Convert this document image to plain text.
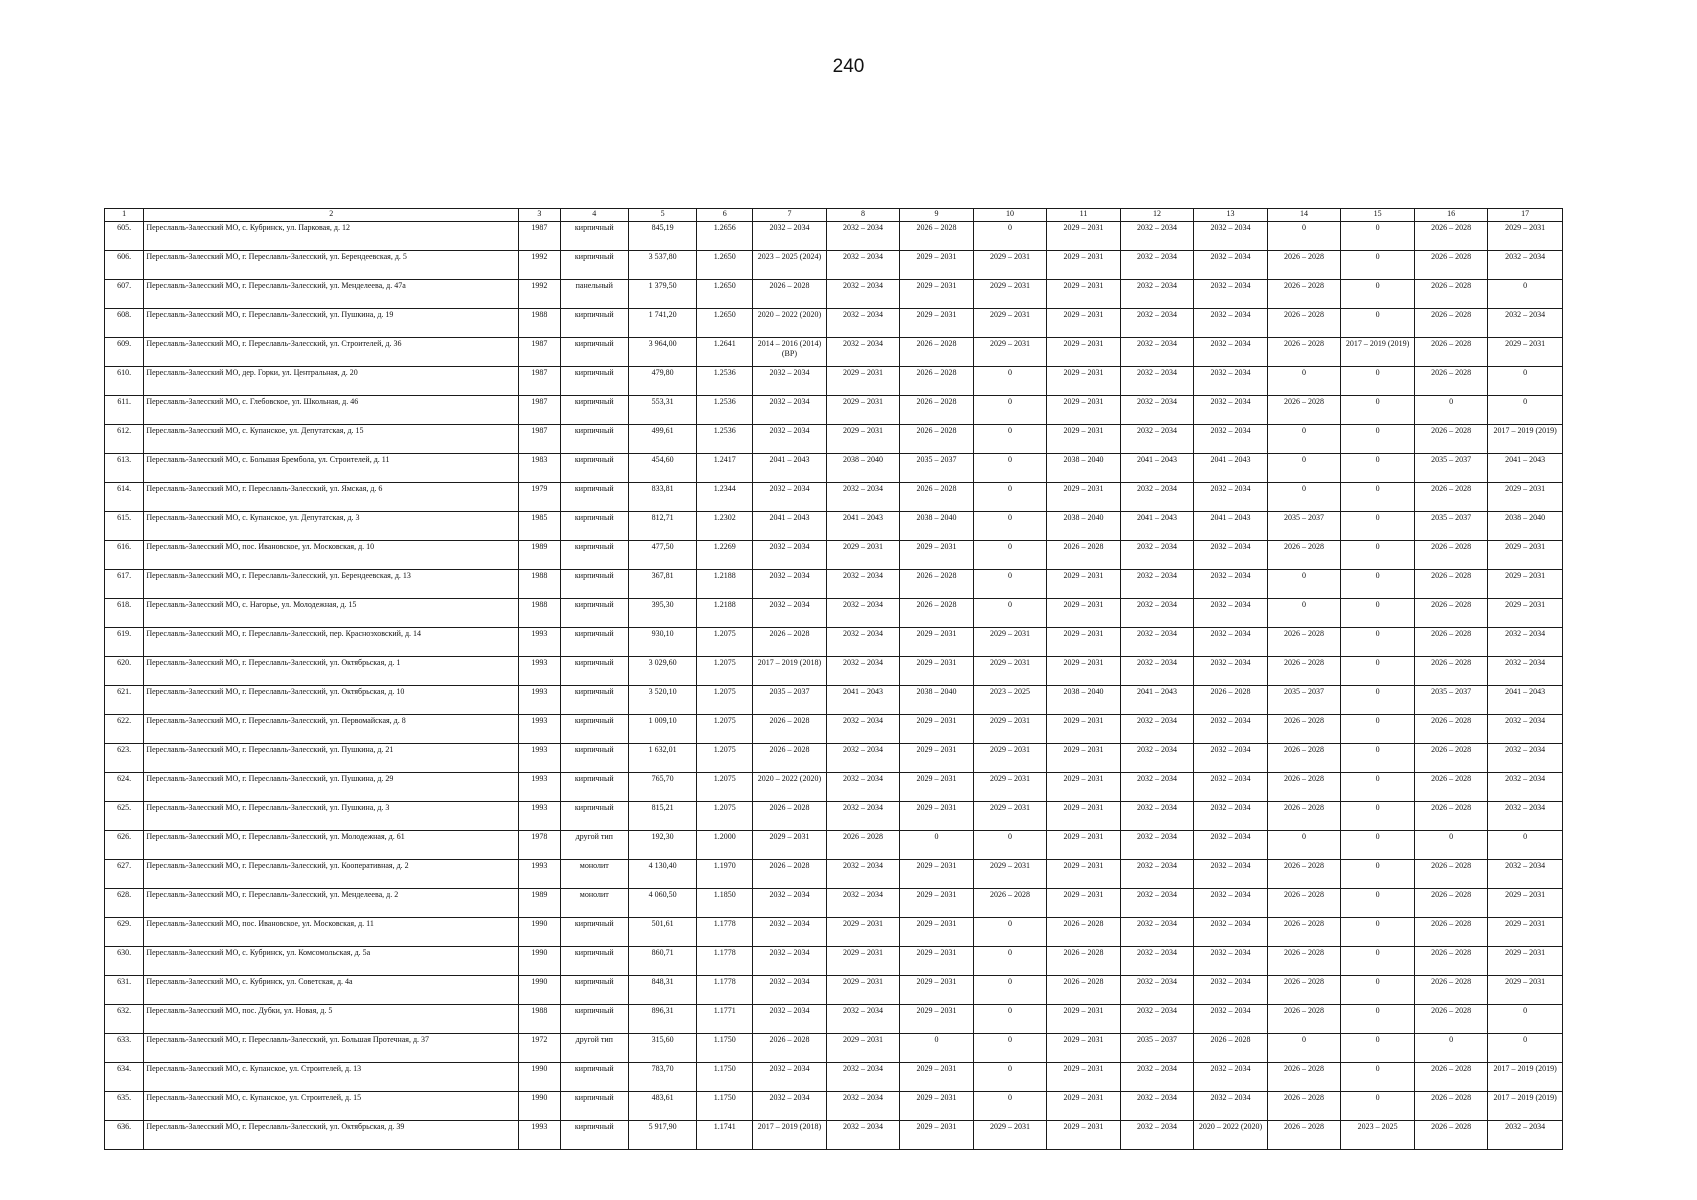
240
1	2	3	4	5	6	7	8	9	10	11	12	13	14	15	16	17
605.	Переславль-Залесский МО, с. Кубринск, ул. Парковая, д. 12	1987	кирпичный	845,19	1.2656	2032 – 2034	2032 – 2034	2026 – 2028	0	2029 – 2031	2032 – 2034	2032 – 2034	0	0	2026 – 2028	2029 – 2031
606.	Переславль-Залесский МО, г. Переславль-Залесский, ул. Берендеевская, д. 5	1992	кирпичный	3 537,80	1.2650	2023 – 2025 (2024)	2032 – 2034	2029 – 2031	2029 – 2031	2029 – 2031	2032 – 2034	2032 – 2034	2026 – 2028	0	2026 – 2028	2032 – 2034
607.	Переславль-Залесский МО, г. Переславль-Залесский, ул. Менделеева, д. 47а	1992	панельный	1 379,50	1.2650	2026 – 2028	2032 – 2034	2029 – 2031	2029 – 2031	2029 – 2031	2032 – 2034	2032 – 2034	2026 – 2028	0	2026 – 2028	0
608.	Переславль-Залесский МО, г. Переславль-Залесский, ул. Пушкина, д. 19	1988	кирпичный	1 741,20	1.2650	2020 – 2022 (2020)	2032 – 2034	2029 – 2031	2029 – 2031	2029 – 2031	2032 – 2034	2032 – 2034	2026 – 2028	0	2026 – 2028	2032 – 2034
609.	Переславль-Залесский МО, г. Переславль-Залесский, ул. Строителей, д. 36	1987	кирпичный	3 964,00	1.2641	2014 – 2016 (2014) (ВР)	2032 – 2034	2026 – 2028	2029 – 2031	2029 – 2031	2032 – 2034	2032 – 2034	2026 – 2028	2017 – 2019 (2019)	2026 – 2028	2029 – 2031
610.	Переславль-Залесский МО, дер. Горки, ул. Центральная, д. 20	1987	кирпичный	479,80	1.2536	2032 – 2034	2029 – 2031	2026 – 2028	0	2029 – 2031	2032 – 2034	2032 – 2034	0	0	2026 – 2028	0
611.	Переславль-Залесский МО, с. Глебовское, ул. Школьная, д. 46	1987	кирпичный	553,31	1.2536	2032 – 2034	2029 – 2031	2026 – 2028	0	2029 – 2031	2032 – 2034	2032 – 2034	2026 – 2028	0	0	0
612.	Переславль-Залесский МО, с. Купанское, ул. Депутатская, д. 15	1987	кирпичный	499,61	1.2536	2032 – 2034	2029 – 2031	2026 – 2028	0	2029 – 2031	2032 – 2034	2032 – 2034	0	0	2026 – 2028	2017 – 2019 (2019)
613.	Переславль-Залесский МО, с. Большая Брембола, ул. Строителей, д. 11	1983	кирпичный	454,60	1.2417	2041 – 2043	2038 – 2040	2035 – 2037	0	2038 – 2040	2041 – 2043	2041 – 2043	0	0	2035 – 2037	2041 – 2043
614.	Переславль-Залесский МО, г. Переславль-Залесский, ул. Ямская, д. 6	1979	кирпичный	833,81	1.2344	2032 – 2034	2032 – 2034	2026 – 2028	0	2029 – 2031	2032 – 2034	2032 – 2034	0	0	2026 – 2028	2029 – 2031
615.	Переславль-Залесский МО, с. Купанское, ул. Депутатская, д. 3	1985	кирпичный	812,71	1.2302	2041 – 2043	2041 – 2043	2038 – 2040	0	2038 – 2040	2041 – 2043	2041 – 2043	2035 – 2037	0	2035 – 2037	2038 – 2040
616.	Переславль-Залесский МО, пос. Ивановское, ул. Московская, д. 10	1989	кирпичный	477,50	1.2269	2032 – 2034	2029 – 2031	2029 – 2031	0	2026 – 2028	2032 – 2034	2032 – 2034	2026 – 2028	0	2026 – 2028	2029 – 2031
617.	Переславль-Залесский МО, г. Переславль-Залесский, ул. Берендеевская, д. 13	1988	кирпичный	367,81	1.2188	2032 – 2034	2032 – 2034	2026 – 2028	0	2029 – 2031	2032 – 2034	2032 – 2034	0	0	2026 – 2028	2029 – 2031
618.	Переславль-Залесский МО, с. Нагорье, ул. Молодежная, д. 15	1988	кирпичный	395,30	1.2188	2032 – 2034	2032 – 2034	2026 – 2028	0	2029 – 2031	2032 – 2034	2032 – 2034	0	0	2026 – 2028	2029 – 2031
619.	Переславль-Залесский МО, г. Переславль-Залесский, пер. Красноэховский, д. 14	1993	кирпичный	930,10	1.2075	2026 – 2028	2032 – 2034	2029 – 2031	2029 – 2031	2029 – 2031	2032 – 2034	2032 – 2034	2026 – 2028	0	2026 – 2028	2032 – 2034
620.	Переславль-Залесский МО, г. Переславль-Залесский, ул. Октябрьская, д. 1	1993	кирпичный	3 029,60	1.2075	2017 – 2019 (2018)	2032 – 2034	2029 – 2031	2029 – 2031	2029 – 2031	2032 – 2034	2032 – 2034	2026 – 2028	0	2026 – 2028	2032 – 2034
621.	Переславль-Залесский МО, г. Переславль-Залесский, ул. Октябрьская, д. 10	1993	кирпичный	3 520,10	1.2075	2035 – 2037	2041 – 2043	2038 – 2040	2023 – 2025	2038 – 2040	2041 – 2043	2026 – 2028	2035 – 2037	0	2035 – 2037	2041 – 2043
622.	Переславль-Залесский МО, г. Переславль-Залесский, ул. Первомайская, д. 8	1993	кирпичный	1 009,10	1.2075	2026 – 2028	2032 – 2034	2029 – 2031	2029 – 2031	2029 – 2031	2032 – 2034	2032 – 2034	2026 – 2028	0	2026 – 2028	2032 – 2034
623.	Переславль-Залесский МО, г. Переславль-Залесский, ул. Пушкина, д. 21	1993	кирпичный	1 632,01	1.2075	2026 – 2028	2032 – 2034	2029 – 2031	2029 – 2031	2029 – 2031	2032 – 2034	2032 – 2034	2026 – 2028	0	2026 – 2028	2032 – 2034
624.	Переславль-Залесский МО, г. Переславль-Залесский, ул. Пушкина, д. 29	1993	кирпичный	765,70	1.2075	2020 – 2022 (2020)	2032 – 2034	2029 – 2031	2029 – 2031	2029 – 2031	2032 – 2034	2032 – 2034	2026 – 2028	0	2026 – 2028	2032 – 2034
625.	Переславль-Залесский МО, г. Переславль-Залесский, ул. Пушкина, д. 3	1993	кирпичный	815,21	1.2075	2026 – 2028	2032 – 2034	2029 – 2031	2029 – 2031	2029 – 2031	2032 – 2034	2032 – 2034	2026 – 2028	0	2026 – 2028	2032 – 2034
626.	Переславль-Залесский МО, г. Переславль-Залесский, ул. Молодежная, д. 61	1978	другой тип	192,30	1.2000	2029 – 2031	2026 – 2028	0	0	2029 – 2031	2032 – 2034	2032 – 2034	0	0	0	0
627.	Переславль-Залесский МО, г. Переславль-Залесский, ул. Кооперативная, д. 2	1993	монолит	4 130,40	1.1970	2026 – 2028	2032 – 2034	2029 – 2031	2029 – 2031	2029 – 2031	2032 – 2034	2032 – 2034	2026 – 2028	0	2026 – 2028	2032 – 2034
628.	Переславль-Залесский МО, г. Переславль-Залесский, ул. Менделеева, д. 2	1989	монолит	4 060,50	1.1850	2032 – 2034	2032 – 2034	2029 – 2031	2026 – 2028	2029 – 2031	2032 – 2034	2032 – 2034	2026 – 2028	0	2026 – 2028	2029 – 2031
629.	Переславль-Залесский МО, пос. Ивановское, ул. Московская, д. 11	1990	кирпичный	501,61	1.1778	2032 – 2034	2029 – 2031	2029 – 2031	0	2026 – 2028	2032 – 2034	2032 – 2034	2026 – 2028	0	2026 – 2028	2029 – 2031
630.	Переславль-Залесский МО, с. Кубринск, ул. Комсомольская, д. 5а	1990	кирпичный	860,71	1.1778	2032 – 2034	2029 – 2031	2029 – 2031	0	2026 – 2028	2032 – 2034	2032 – 2034	2026 – 2028	0	2026 – 2028	2029 – 2031
631.	Переславль-Залесский МО, с. Кубринск, ул. Советская, д. 4а	1990	кирпичный	848,31	1.1778	2032 – 2034	2029 – 2031	2029 – 2031	0	2026 – 2028	2032 – 2034	2032 – 2034	2026 – 2028	0	2026 – 2028	2029 – 2031
632.	Переславль-Залесский МО, пос. Дубки, ул. Новая, д. 5	1988	кирпичный	896,31	1.1771	2032 – 2034	2032 – 2034	2029 – 2031	0	2029 – 2031	2032 – 2034	2032 – 2034	2026 – 2028	0	2026 – 2028	0
633.	Переславль-Залесский МО, г. Переславль-Залесский, ул. Большая Протечная, д. 37	1972	другой тип	315,60	1.1750	2026 – 2028	2029 – 2031	0	0	2029 – 2031	2035 – 2037	2026 – 2028	0	0	0	0
634.	Переславль-Залесский МО, с. Купанское, ул. Строителей, д. 13	1990	кирпичный	783,70	1.1750	2032 – 2034	2032 – 2034	2029 – 2031	0	2029 – 2031	2032 – 2034	2032 – 2034	2026 – 2028	0	2026 – 2028	2017 – 2019 (2019)
635.	Переславль-Залесский МО, с. Купанское, ул. Строителей, д. 15	1990	кирпичный	483,61	1.1750	2032 – 2034	2032 – 2034	2029 – 2031	0	2029 – 2031	2032 – 2034	2032 – 2034	2026 – 2028	0	2026 – 2028	2017 – 2019 (2019)
636.	Переславль-Залесский МО, г. Переславль-Залесский, ул. Октябрьская, д. 39	1993	кирпичный	5 917,90	1.1741	2017 – 2019 (2018)	2032 – 2034	2029 – 2031	2029 – 2031	2029 – 2031	2032 – 2034	2020 – 2022 (2020)	2026 – 2028	2023 – 2025	2026 – 2028	2032 – 2034
